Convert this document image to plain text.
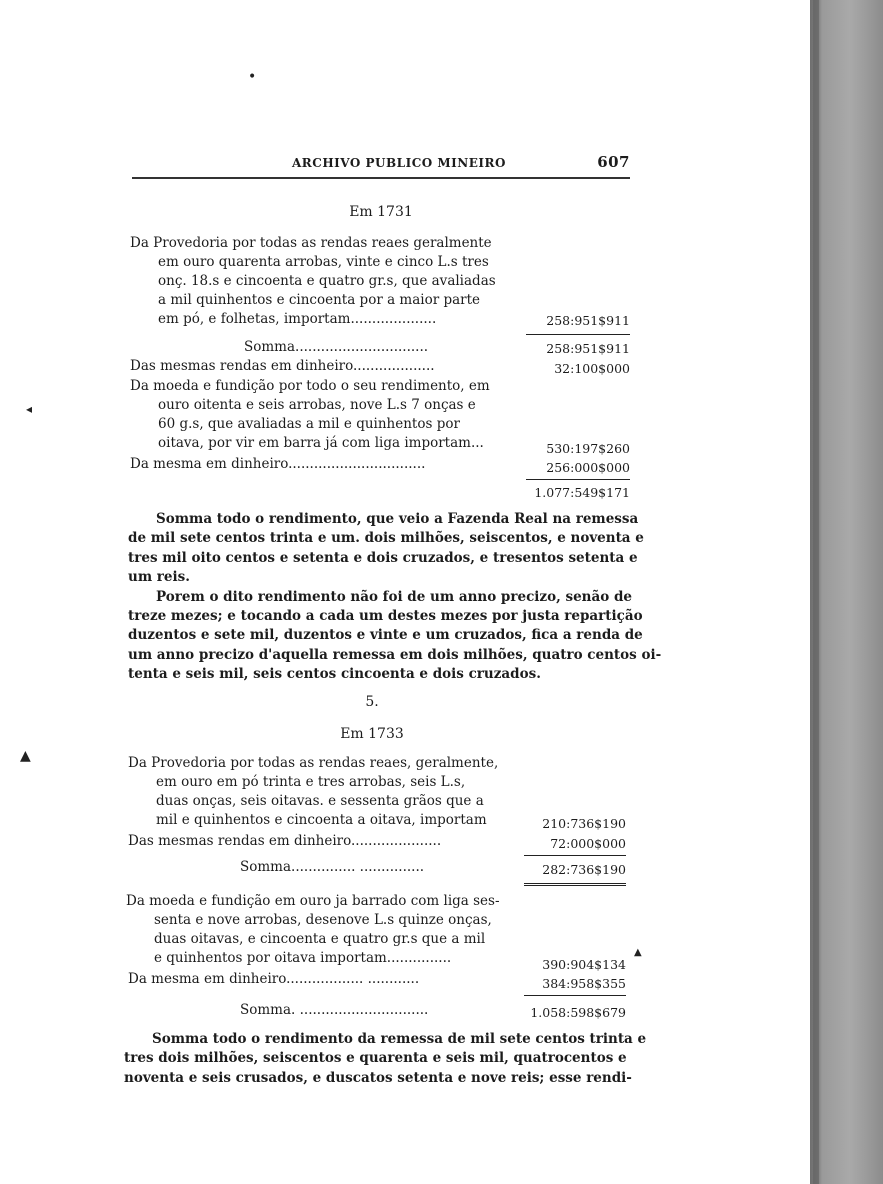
•
◂
▲
▲
ARCHIVO PUBLICO MINEIRO	607
Em 1731
Da Provedoria por todas as rendas reaes geralmente
em ouro quarenta arrobas, vinte e cinco L.s tres
onç. 18.s e cincoenta e quatro gr.s, que avaliadas
a mil quinhentos e cincoenta por a maior parte
em pó, e folhetas, importam....................	258:951$911
Somma...............................	258:951$911
Das mesmas rendas em dinheiro...................	32:100$000
Da moeda e fundição por todo o seu rendimento, em
ouro oitenta e seis arrobas, nove L.s 7 onças e
60 g.s, que avaliadas a mil e quinhentos por
oitava, por vir em barra já com liga importam...	530:197$260
Da mesma em dinheiro................................	256:000$000
1.077:549$171
Somma todo o rendimento, que veio a Fazenda Real na remessa
de mil sete centos trinta e um. dois milhões, seiscentos, e noventa e
tres mil oito centos e setenta e dois cruzados, e tresentos setenta e
um reis.
Porem o dito rendimento não foi de um anno precizo, senão de
treze mezes; e tocando a cada um destes mezes por justa repartição
duzentos e sete mil, duzentos e vinte e um cruzados, fica a renda de
um anno precizo d'aquella remessa em dois milhões, quatro centos oi-
tenta e seis mil, seis centos cincoenta e dois cruzados.
5.
Em 1733
Da Provedoria por todas as rendas reaes, geralmente,
em ouro em pó trinta e tres arrobas, seis L.s,
duas onças, seis oitavas. e sessenta grãos que a
mil e quinhentos e cincoenta a oitava, importam	210:736$190
Das mesmas rendas em dinheiro.....................	72:000$000
Somma............... ...............	282:736$190
Da moeda e fundição em ouro ja barrado com liga ses-
senta e nove arrobas, desenove L.s quinze onças,
duas oitavas, e cincoenta e quatro gr.s que a mil
e quinhentos por oitava importam...............	390:904$134
Da mesma em dinheiro.................. ............	384:958$355
Somma. ..............................	1.058:598$679
Somma todo o rendimento da remessa de mil sete centos trinta e
tres dois milhões, seiscentos e quarenta e seis mil, quatrocentos e
noventa e seis crusados, e duscatos setenta e nove reis; esse rendi-
